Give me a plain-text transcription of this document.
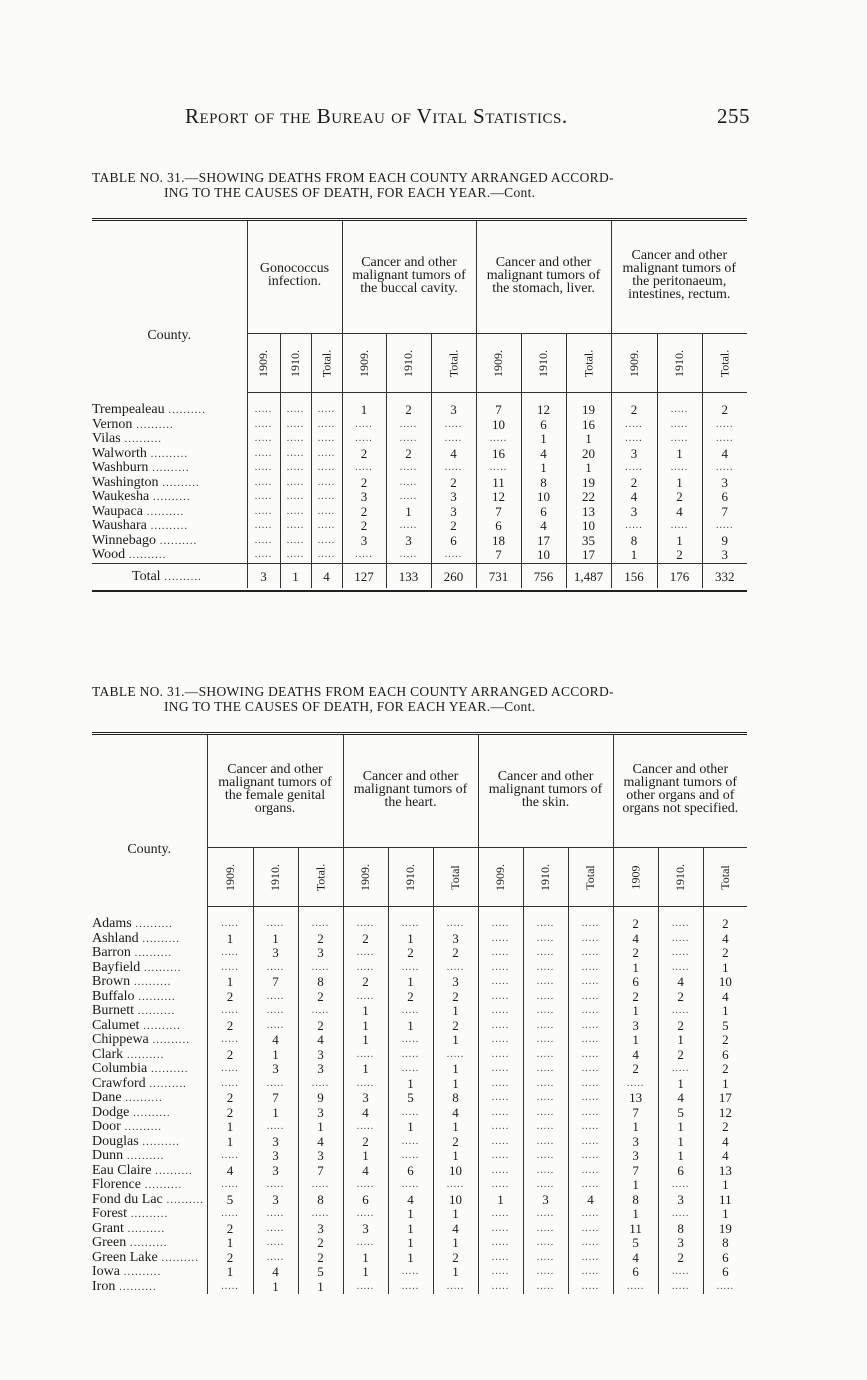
Report of the Bureau of Vital Statistics.	255
TABLE NO. 31.—SHOWING DEATHS FROM EACH COUNTY ARRANGED ACCORD-
ING TO THE CAUSES OF DEATH, FOR EACH YEAR.—Cont.
County.	Gonococcus infection.			Cancer and other malignant tumors of the buccal cavity.			Cancer and other malignant tumors of the stomach, liver.			Cancer and other malignant tumors of the peritonaeum, intestines, rectum.		
	1909.	1910.	Total.	1909.	1910.	Total.	1909.	1910.	Total.	1909.	1910.	Total.
Trempealeau ..........	.....	.....	.....	1	2	3	7	12	19	2	.....	2
Vernon ..........	.....	.....	.....	.....	.....	.....	10	6	16	.....	.....	.....
Vilas ..........	.....	.....	.....	.....	.....	.....	.....	1	1	.....	.....	.....
Walworth ..........	.....	.....	.....	2	2	4	16	4	20	3	1	4
Washburn ..........	.....	.....	.....	.....	.....	.....	.....	1	1	.....	.....	.....
Washington ..........	.....	.....	.....	2	.....	2	11	8	19	2	1	3
Waukesha ..........	.....	.....	.....	3	.....	3	12	10	22	4	2	6
Waupaca ..........	.....	.....	.....	2	1	3	7	6	13	3	4	7
Waushara ..........	.....	.....	.....	2	.....	2	6	4	10	.....	.....	.....
Winnebago ..........	.....	.....	.....	3	3	6	18	17	35	8	1	9
Wood ..........	.....	.....	.....	.....	.....	.....	7	10	17	1	2	3
Total ..........	3	1	4	127	133	260	731	756	1,487	156	176	332
TABLE NO. 31.—SHOWING DEATHS FROM EACH COUNTY ARRANGED ACCORD-
ING TO THE CAUSES OF DEATH, FOR EACH YEAR.—Cont.
County.	Cancer and other malignant tumors of the female genital organs.			Cancer and other malignant tumors of the heart.			Cancer and other malignant tumors of the skin.			Cancer and other malignant tumors of other organs and of organs not specified.		
	1909.	1910.	Total.	1909.	1910.	Total	1909.	1910.	Total	1909	1910.	Total
Adams ..........	.....	.....	.....	.....	.....	.....	.....	.....	.....	2	.....	2
Ashland ..........	1	1	2	2	1	3	.....	.....	.....	4	.....	4
Barron ..........	.....	3	3	.....	2	2	.....	.....	.....	2	.....	2
Bayfield ..........	.....	.....	.....	.....	.....	.....	.....	.....	.....	1	.....	1
Brown ..........	1	7	8	2	1	3	.....	.....	.....	6	4	10
Buffalo ..........	2	.....	2	.....	2	2	.....	.....	.....	2	2	4
Burnett ..........	.....	.....	.....	1	.....	1	.....	.....	.....	1	.....	1
Calumet ..........	2	.....	2	1	1	2	.....	.....	.....	3	2	5
Chippewa ..........	.....	4	4	1	.....	1	.....	.....	.....	1	1	2
Clark ..........	2	1	3	.....	.....	.....	.....	.....	.....	4	2	6
Columbia ..........	.....	3	3	1	.....	1	.....	.....	.....	2	.....	2
Crawford ..........	.....	.....	.....	.....	1	1	.....	.....	.....	.....	1	1
Dane ..........	2	7	9	3	5	8	.....	.....	.....	13	4	17
Dodge ..........	2	1	3	4	.....	4	.....	.....	.....	7	5	12
Door ..........	1	.....	1	.....	1	1	.....	.....	.....	1	1	2
Douglas ..........	1	3	4	2	.....	2	.....	.....	.....	3	1	4
Dunn ..........	.....	3	3	1	.....	1	.....	.....	.....	3	1	4
Eau Claire ..........	4	3	7	4	6	10	.....	.....	.....	7	6	13
Florence ..........	.....	.....	.....	.....	.....	.....	.....	.....	.....	1	.....	1
Fond du Lac ..........	5	3	8	6	4	10	1	3	4	8	3	11
Forest ..........	.....	.....	.....	.....	1	1	.....	.....	.....	1	.....	1
Grant ..........	2	.....	3	3	1	4	.....	.....	.....	11	8	19
Green ..........	1	.....	2	.....	1	1	.....	.....	.....	5	3	8
Green Lake ..........	2	.....	2	1	1	2	.....	.....	.....	4	2	6
Iowa ..........	1	4	5	1	.....	1	.....	.....	.....	6	.....	6
Iron ..........	.....	1	1	.....	.....	.....	.....	.....	.....	.....	.....	.....
